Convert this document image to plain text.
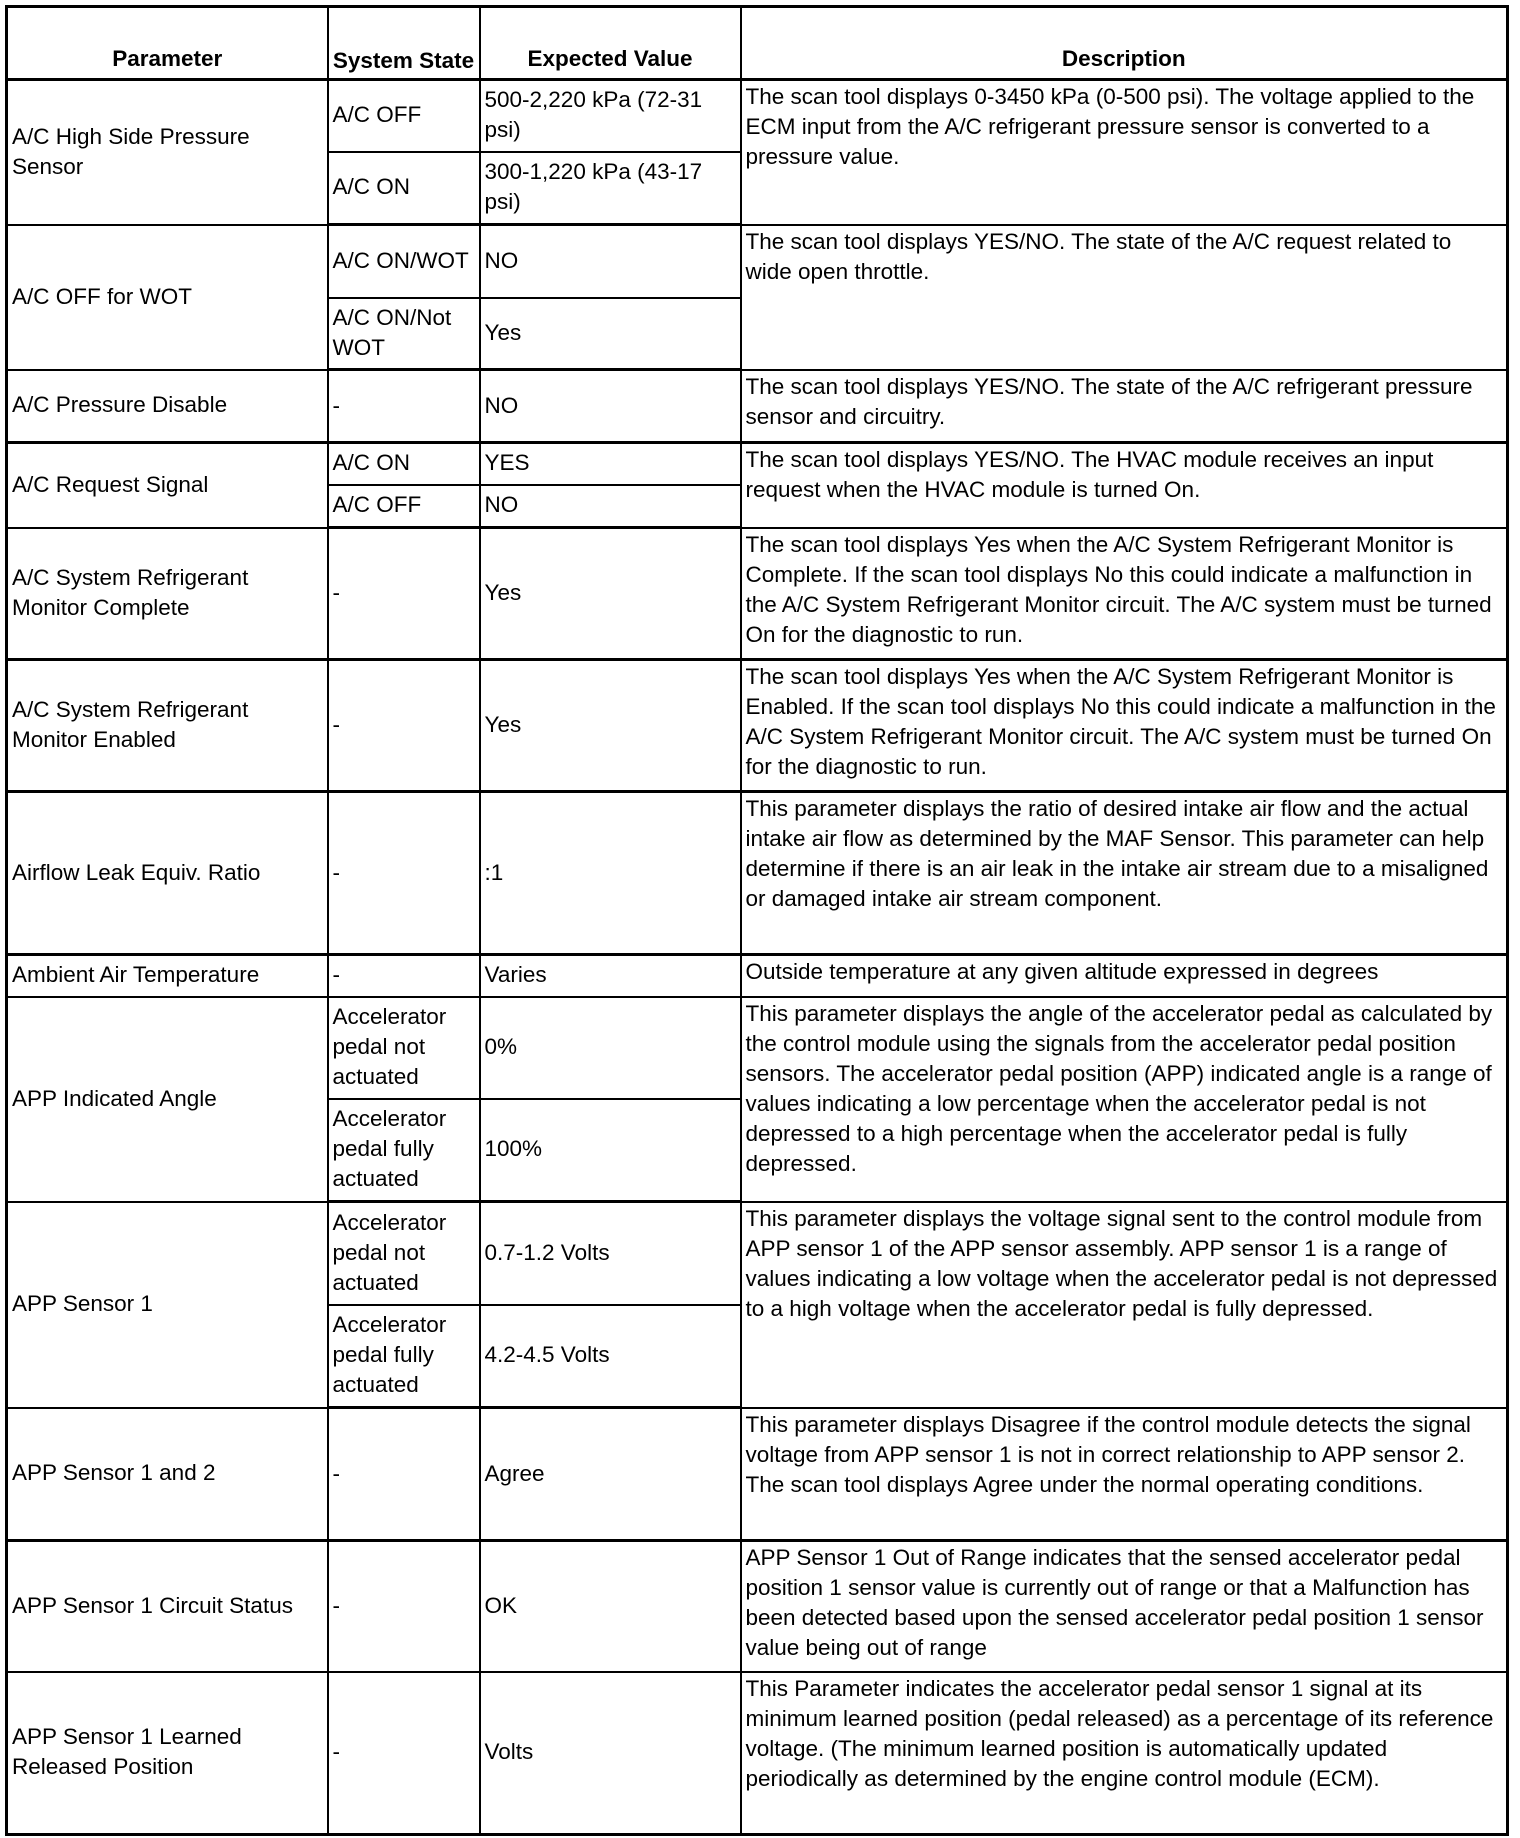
Parameter	System State	Expected Value	Description
A/C High Side Pressure Sensor	A/C OFF	500-2,220 kPa (72-31 psi)	The scan tool displays 0-3450 kPa (0-500 psi). The voltage applied to the ECM input from the A/C refrigerant pressure sensor is converted to a pressure value.
	A/C ON	300-1,220 kPa (43-17 psi)	
A/C OFF for WOT	A/C ON/WOT	NO	The scan tool displays YES/NO. The state of the A/C request related to wide open throttle.
	A/C ON/Not WOT	Yes	
A/C Pressure Disable	-	NO	The scan tool displays YES/NO. The state of the A/C refrigerant pressure sensor and circuitry.
A/C Request Signal	A/C ON	YES	The scan tool displays YES/NO. The HVAC module receives an input request when the HVAC module is turned On.
	A/C OFF	NO	
A/C System Refrigerant Monitor Complete	-	Yes	The scan tool displays Yes when the A/C System Refrigerant Monitor is Complete. If the scan tool displays No this could indicate a malfunction in the A/C System Refrigerant Monitor circuit. The A/C system must be turned On for the diagnostic to run.
A/C System Refrigerant Monitor Enabled	-	Yes	The scan tool displays Yes when the A/C System Refrigerant Monitor is Enabled. If the scan tool displays No this could indicate a malfunction in the A/C System Refrigerant Monitor circuit. The A/C system must be turned On for the diagnostic to run.
Airflow Leak Equiv. Ratio	-	:1	This parameter displays the ratio of desired intake air flow and the actual intake air flow as determined by the MAF Sensor. This parameter can help determine if there is an air leak in the intake air stream due to a misaligned or damaged intake air stream component.
Ambient Air Temperature	-	Varies	Outside temperature at any given altitude expressed in degrees
APP Indicated Angle	Accelerator pedal not actuated	0%	This parameter displays the angle of the accelerator pedal as calculated by the control module using the signals from the accelerator pedal position sensors. The accelerator pedal position (APP) indicated angle is a range of values indicating a low percentage when the accelerator pedal is not depressed to a high percentage when the accelerator pedal is fully depressed.
	Accelerator pedal fully actuated	100%	
APP Sensor 1	Accelerator pedal not actuated	0.7-1.2 Volts	This parameter displays the voltage signal sent to the control module from APP sensor 1 of the APP sensor assembly. APP sensor 1 is a range of values indicating a low voltage when the accelerator pedal is not depressed to a high voltage when the accelerator pedal is fully depressed.
	Accelerator pedal fully actuated	4.2-4.5 Volts	
APP Sensor 1 and 2	-	Agree	This parameter displays Disagree if the control module detects the signal voltage from APP sensor 1 is not in correct relationship to APP sensor 2. The scan tool displays Agree under the normal operating conditions.
APP Sensor 1 Circuit Status	-	OK	APP Sensor 1 Out of Range indicates that the sensed accelerator pedal position 1 sensor value is currently out of range or that a Malfunction has been detected based upon the sensed accelerator pedal position 1 sensor value being out of range
APP Sensor 1 Learned Released Position	-	Volts	This Parameter indicates the accelerator pedal sensor 1 signal at its minimum learned position (pedal released) as a percentage of its reference voltage. (The minimum learned position is automatically updated periodically as determined by the engine control module (ECM).
